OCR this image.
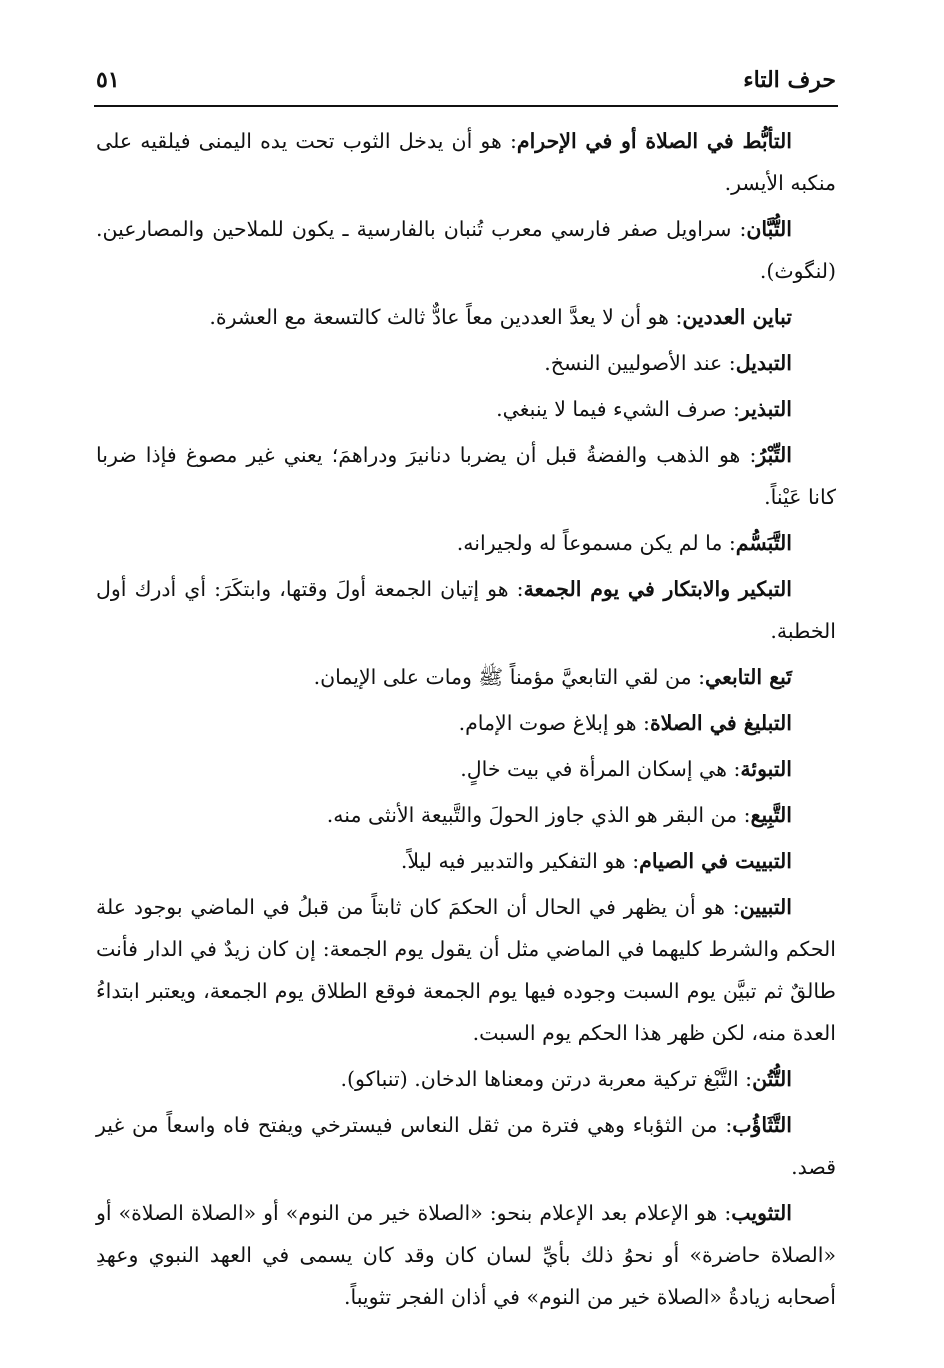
حرف التاء
٥١

التأبُّط في الصلاة أو في الإحرام: هو أن يدخل الثوب تحت يده اليمنى فيلقيه على منكبه الأيسر.

التُّبَّان: سراويل صفر فارسي معرب تُنبان بالفارسية ـ يكون للملاحين والمصارعين. (لنگوث).

تباين العددين: هو أن لا يعدَّ العددين معاً عادٌّ ثالث كالتسعة مع العشرة.

التبديل: عند الأصوليين النسخ.

التبذير: صرف الشيء فيما لا ينبغي.

التِّبْرُ: هو الذهب والفضةُ قبل أن يضربا دنانيرَ ودراهمَ؛ يعني غير مصوغ فإذا ضربا كانا عَيْناً.

التَّبَسُّم: ما لم يكن مسموعاً له ولجيرانه.

التبكير والابتكار في يوم الجمعة: هو إتيان الجمعة أولَ وقتها، وابتكَرَ: أي أدرك أول الخطبة.

تَبع التابعي: من لقي التابعيَّ مؤمناً ﷺ ومات على الإيمان.

التبليغ في الصلاة: هو إبلاغ صوت الإمام.

التبوئة: هي إسكان المرأة في بيت خالٍ.

التَّبِيع: من البقر هو الذي جاوز الحولَ والتَّبيعة الأنثى منه.

التبييت في الصيام: هو التفكير والتدبير فيه ليلاً.

التبيين: هو أن يظهر في الحال أن الحكمَ كان ثابتاً من قبلُ في الماضي بوجود علة الحكم والشرط كليهما في الماضي مثل أن يقول يوم الجمعة: إن كان زيدٌ في الدار فأنت طالقٌ ثم تبيَّن يوم السبت وجوده فيها يوم الجمعة فوقع الطلاق يوم الجمعة، ويعتبر ابتداءُ العدة منه، لكن ظهر هذا الحكم يوم السبت.

التُّتُن: التَّبْغ تركية معربة درتن ومعناها الدخان. (تنباكو).

التَّثَاؤُب: من الثؤباء وهي فترة من ثقل النعاس فيسترخي ويفتح فاه واسعاً من غير قصد.

التثويب: هو الإعلام بعد الإعلام بنحو: «الصلاة خير من النوم» أو «الصلاة الصلاة» أو «الصلاة حاضرة» أو نحوُ ذلك بأيِّ لسان كان وقد كان يسمى في العهد النبوي وعهدِ أصحابه زيادةُ «الصلاة خير من النوم» في أذان الفجر تثويباً.
